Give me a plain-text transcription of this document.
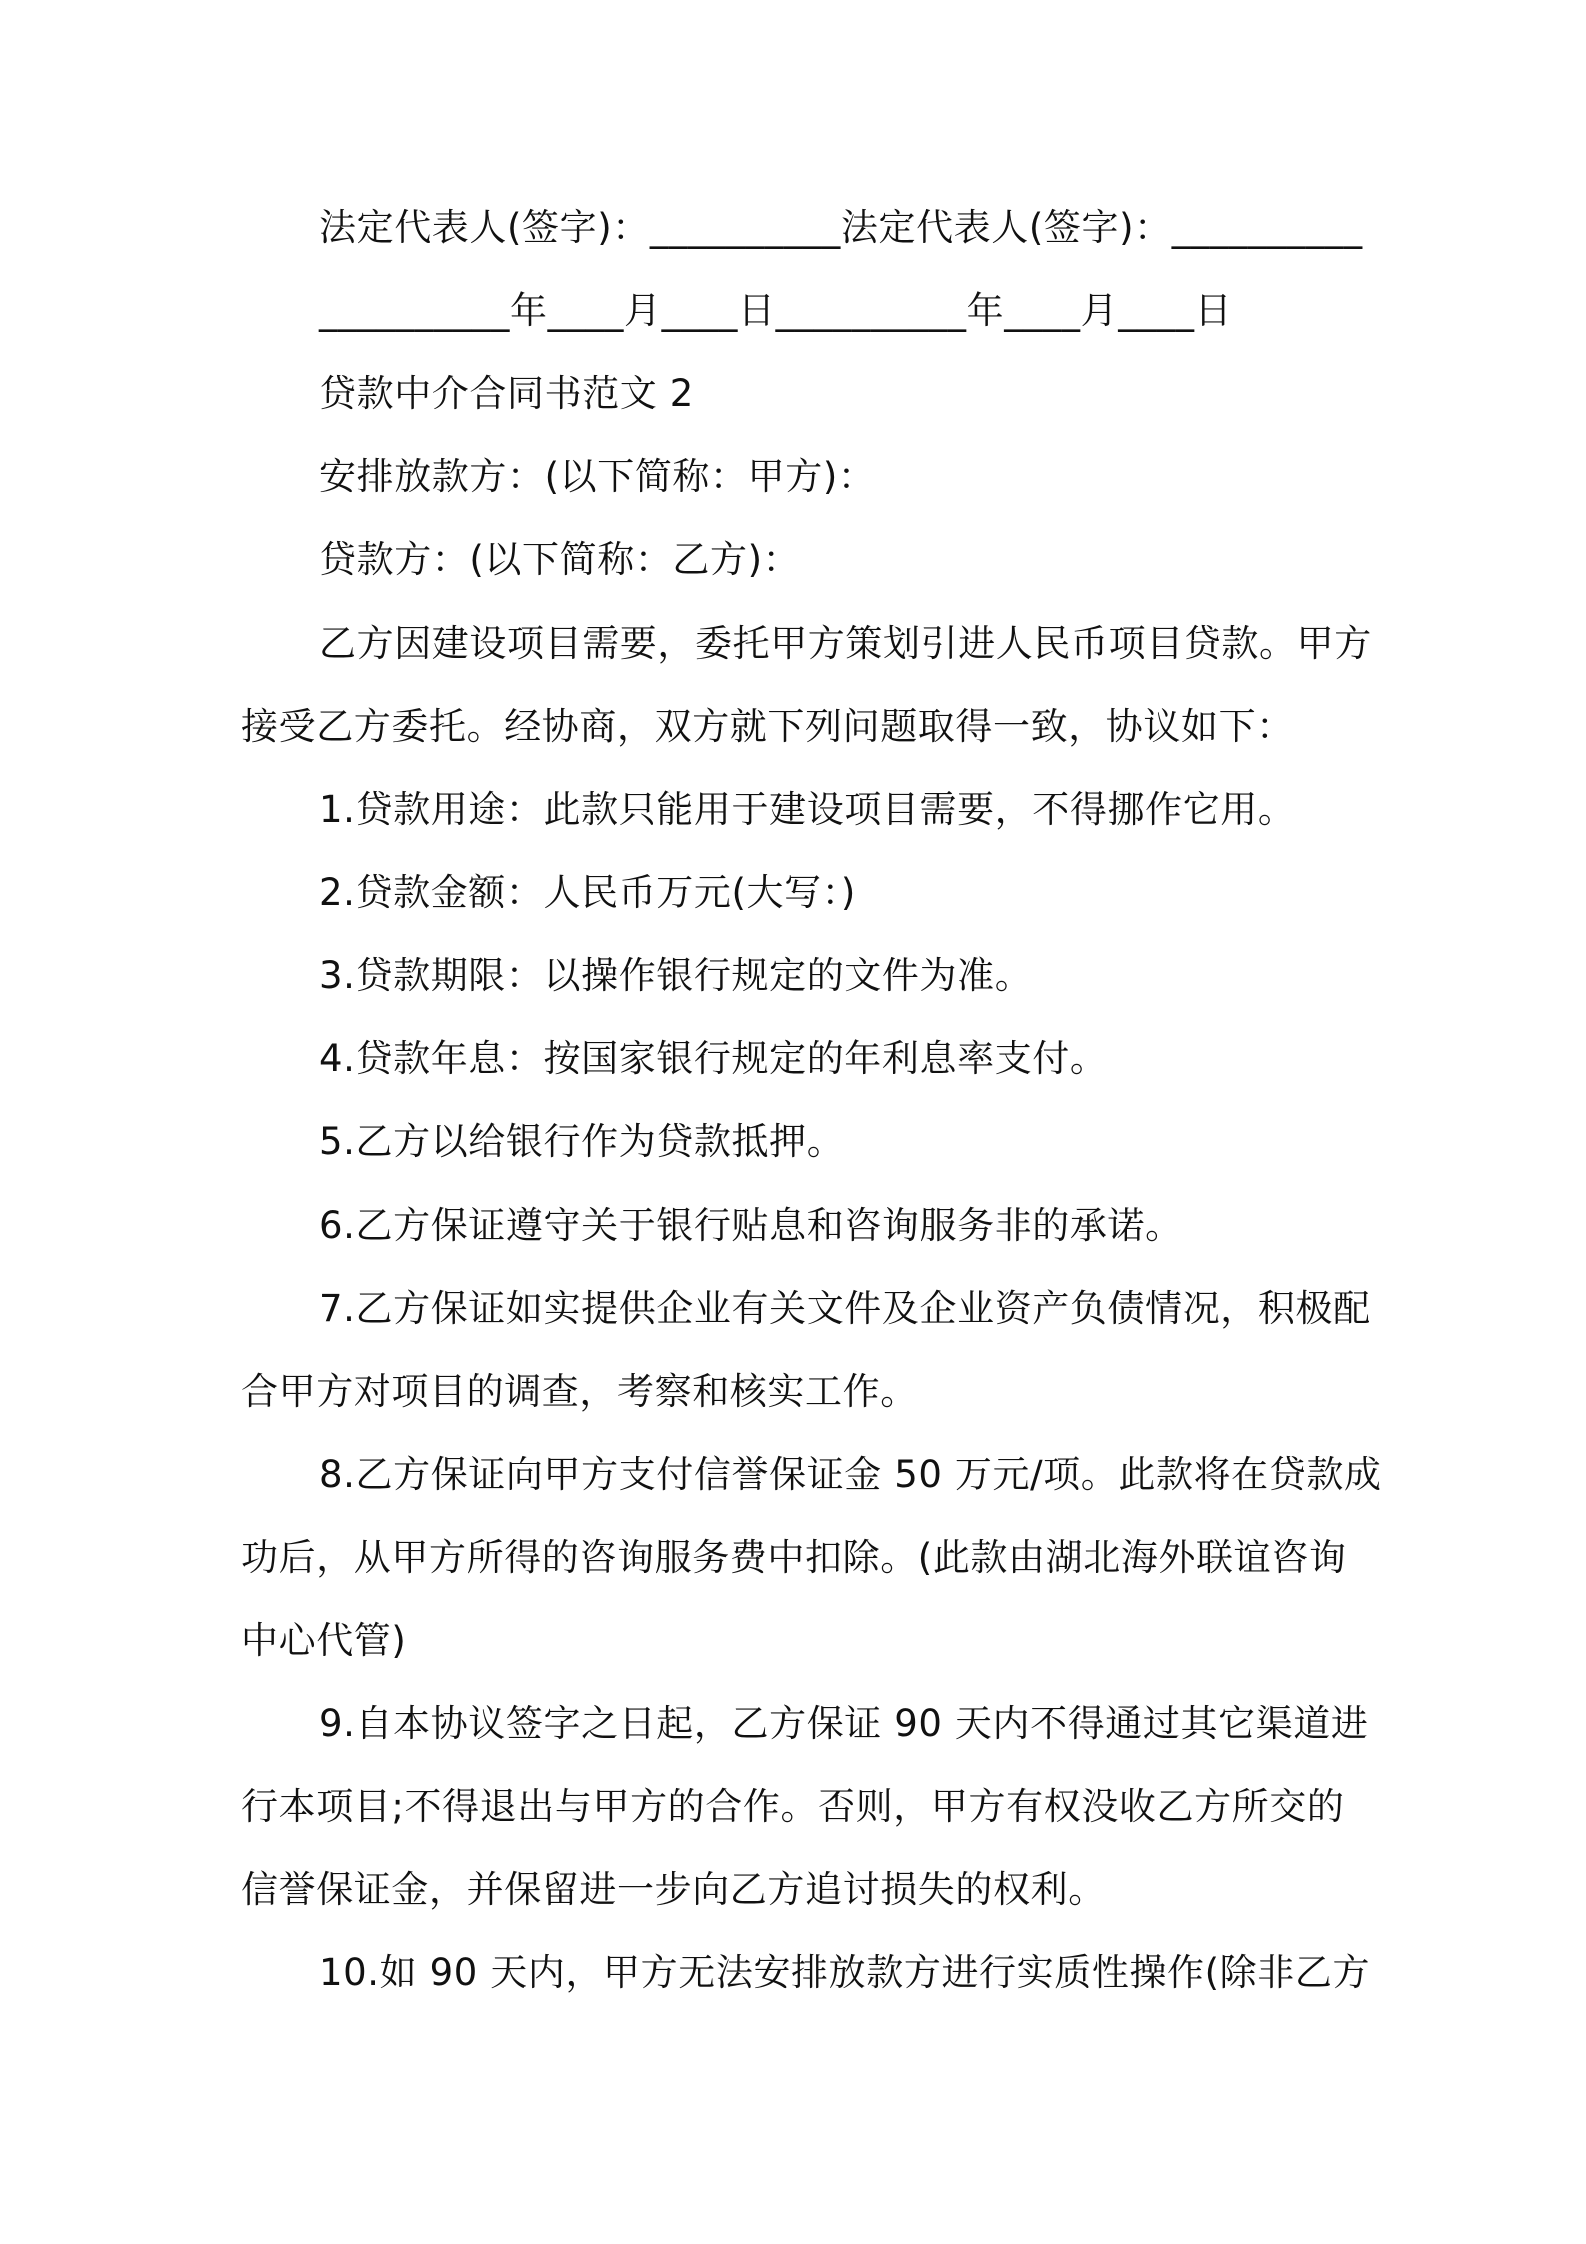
法定代表人(签字)：__________法定代表人(签字)：__________
__________年____月____日__________年____月____日
贷款中介合同书范文 2
安排放款方：(以下简称：甲方)：
贷款方：(以下简称：乙方)：
乙方因建设项目需要，委托甲方策划引进人民币项目贷款。甲方
接受乙方委托。经协商，双方就下列问题取得一致，协议如下：
1.贷款用途：此款只能用于建设项目需要，不得挪作它用。
2.贷款金额：人民币万元(大写：)
3.贷款期限：以操作银行规定的文件为准。
4.贷款年息：按国家银行规定的年利息率支付。
5.乙方以给银行作为贷款抵押。
6.乙方保证遵守关于银行贴息和咨询服务非的承诺。
7.乙方保证如实提供企业有关文件及企业资产负债情况，积极配
合甲方对项目的调查，考察和核实工作。
8.乙方保证向甲方支付信誉保证金 50 万元/项。此款将在贷款成
功后，从甲方所得的咨询服务费中扣除。(此款由湖北海外联谊咨询
中心代管)
9.自本协议签字之日起，乙方保证 90 天内不得通过其它渠道进
行本项目;不得退出与甲方的合作。否则，甲方有权没收乙方所交的
信誉保证金，并保留进一步向乙方追讨损失的权利。
10.如 90 天内，甲方无法安排放款方进行实质性操作(除非乙方
